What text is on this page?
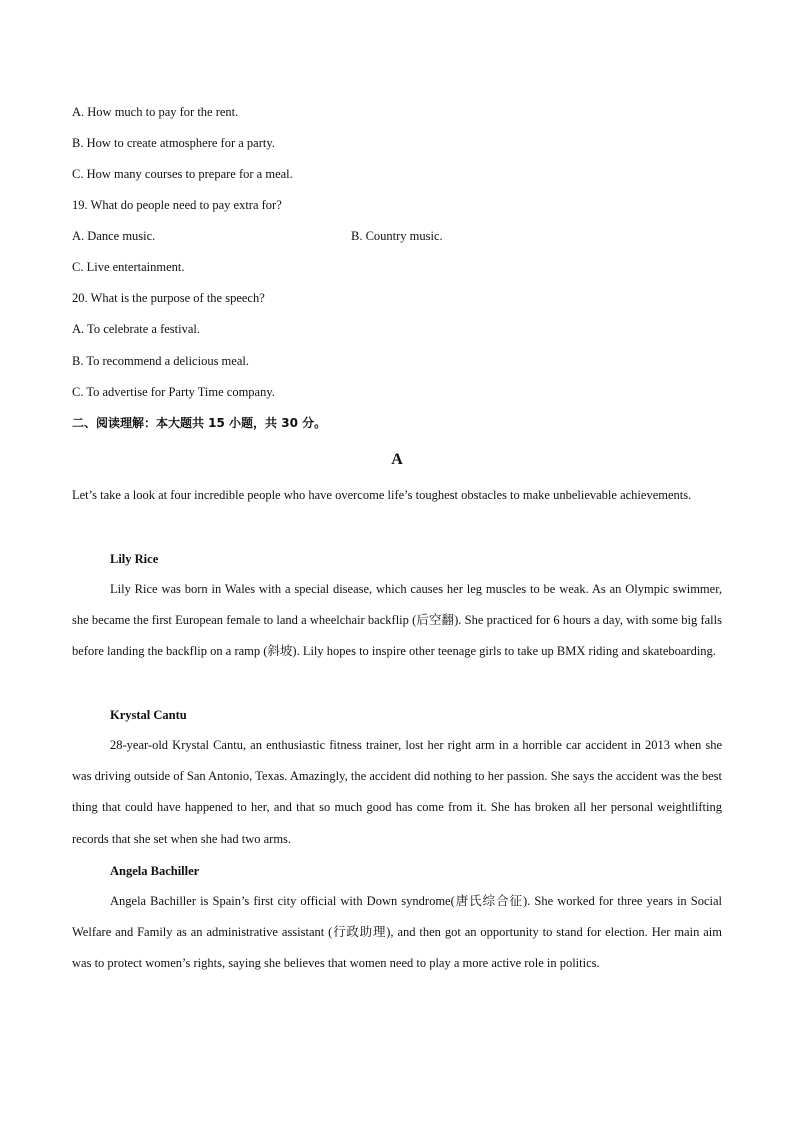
A. How much to pay for the rent.
B. How to create atmosphere for a party.
C. How many courses to prepare for a meal.
19. What do people need to pay extra for?
A. Dance music.	B. Country music.
C. Live entertainment.
20. What is the purpose of the speech?
A. To celebrate a festival.
B. To recommend a delicious meal.
C. To advertise for Party Time company.
二、阅读理解：本大题共 15 小题，共 30 分。
A
Let’s take a look at four incredible people who have overcome life’s toughest obstacles to make unbelievable achievements.
Lily Rice
Lily Rice was born in Wales with a special disease, which causes her leg muscles to be weak. As an Olympic swimmer, she became the first European female to land a wheelchair backflip (后空翻). She practiced for 6 hours a day, with some big falls before landing the backflip on a ramp (斜坡). Lily hopes to inspire other teenage girls to take up BMX riding and skateboarding.
Krystal Cantu
28-year-old Krystal Cantu, an enthusiastic fitness trainer, lost her right arm in a horrible car accident in 2013 when she was driving outside of San Antonio, Texas. Amazingly, the accident did nothing to her passion. She says the accident was the best thing that could have happened to her, and that so much good has come from it. She has broken all her personal weightlifting records that she set when she had two arms.
Angela Bachiller
Angela Bachiller is Spain’s first city official with Down syndrome(唐氏综合征). She worked for three years in Social Welfare and Family as an administrative assistant (行政助理), and then got an opportunity to stand for election. Her main aim was to protect women’s rights, saying she believes that women need to play a more active role in politics.
